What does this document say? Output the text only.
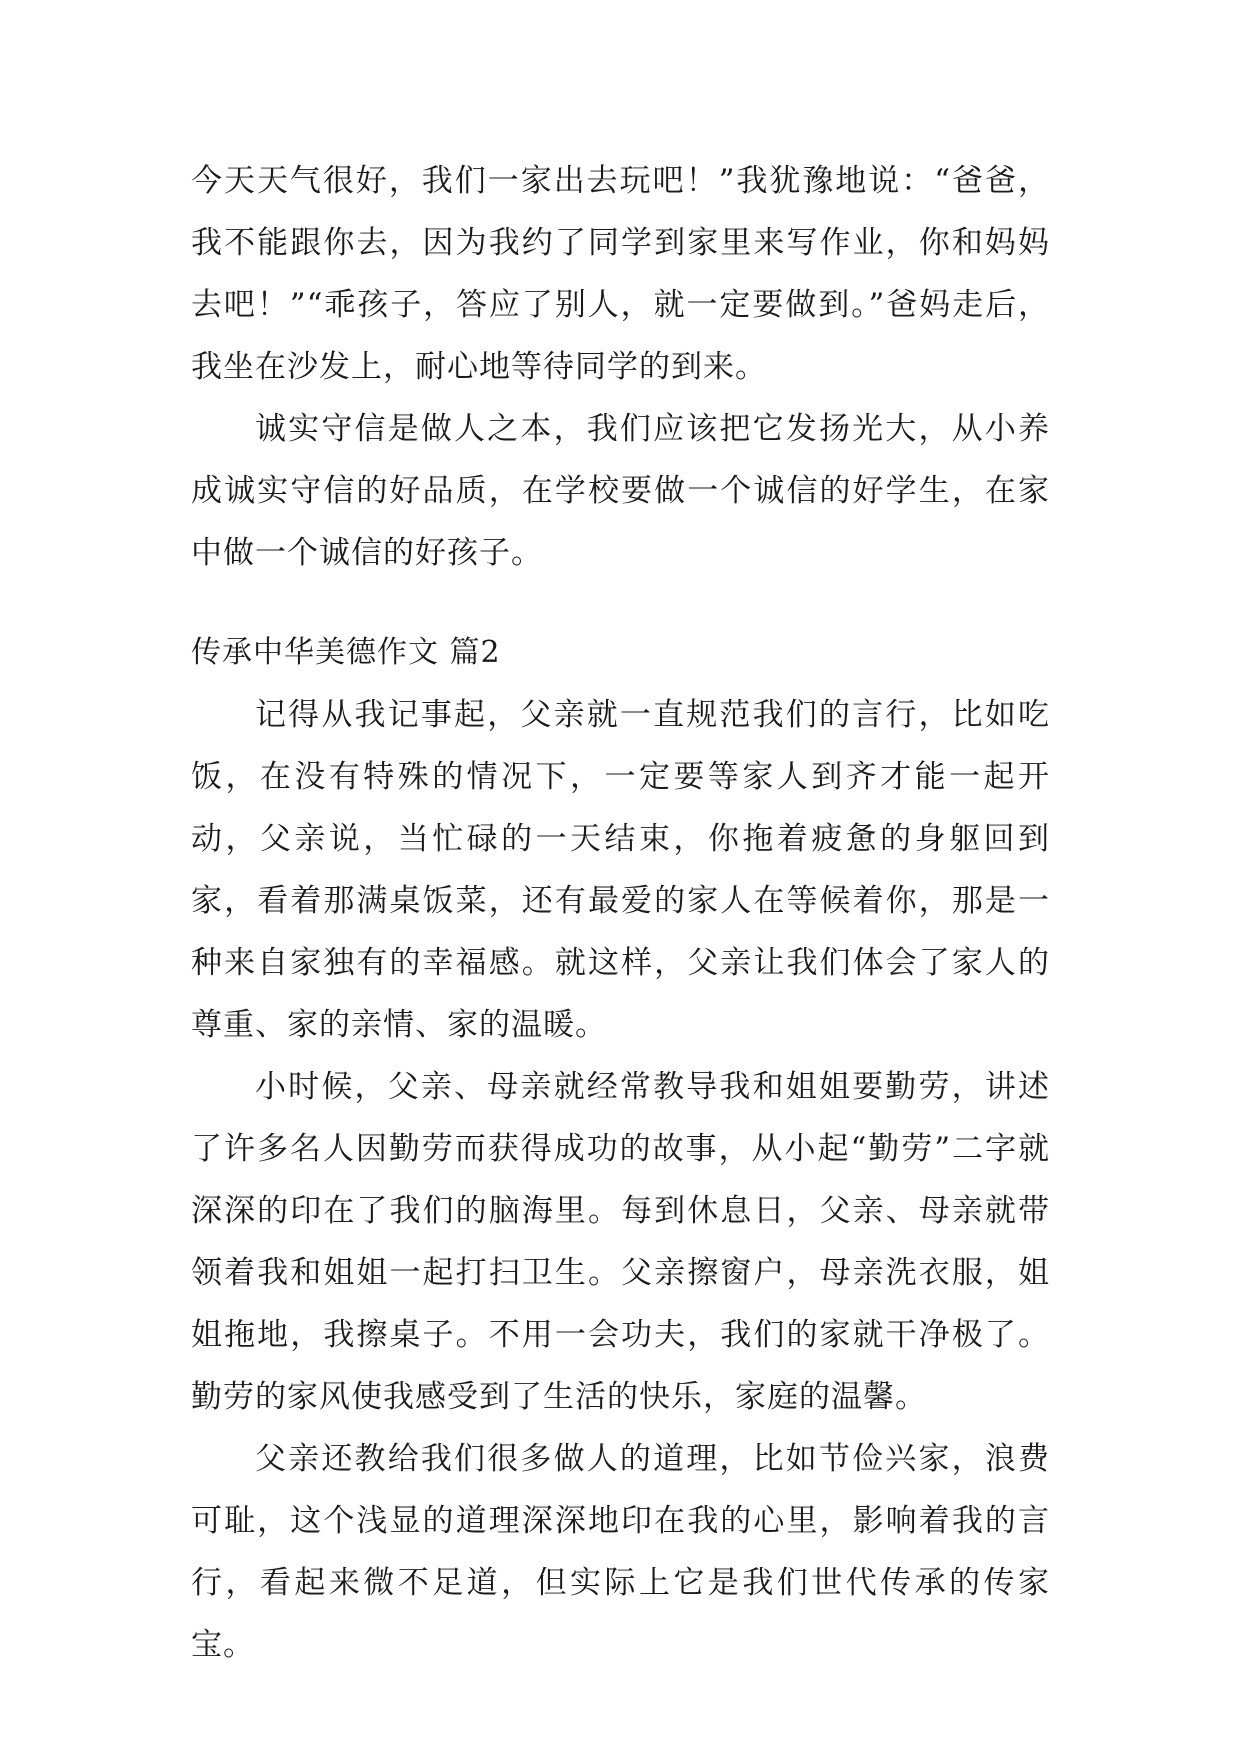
今天天气很好，我们一家出去玩吧！”我犹豫地说：“爸爸，我不能跟你去，因为我约了同学到家里来写作业，你和妈妈去吧！”“乖孩子，答应了别人，就一定要做到。”爸妈走后，我坐在沙发上，耐心地等待同学的到来。

诚实守信是做人之本，我们应该把它发扬光大，从小养成诚实守信的好品质，在学校要做一个诚信的好学生，在家中做一个诚信的好孩子。

传承中华美德作文 篇2

记得从我记事起，父亲就一直规范我们的言行，比如吃饭，在没有特殊的情况下，一定要等家人到齐才能一起开动，父亲说，当忙碌的一天结束，你拖着疲惫的身躯回到家，看着那满桌饭菜，还有最爱的家人在等候着你，那是一种来自家独有的幸福感。就这样，父亲让我们体会了家人的尊重、家的亲情、家的温暖。

小时候，父亲、母亲就经常教导我和姐姐要勤劳，讲述了许多名人因勤劳而获得成功的故事，从小起“勤劳”二字就深深的印在了我们的脑海里。每到休息日，父亲、母亲就带领着我和姐姐一起打扫卫生。父亲擦窗户，母亲洗衣服，姐姐拖地，我擦桌子。不用一会功夫，我们的家就干净极了。勤劳的家风使我感受到了生活的快乐，家庭的温馨。

父亲还教给我们很多做人的道理，比如节俭兴家，浪费可耻，这个浅显的道理深深地印在我的心里，影响着我的言行，看起来微不足道，但实际上它是我们世代传承的传家宝。
